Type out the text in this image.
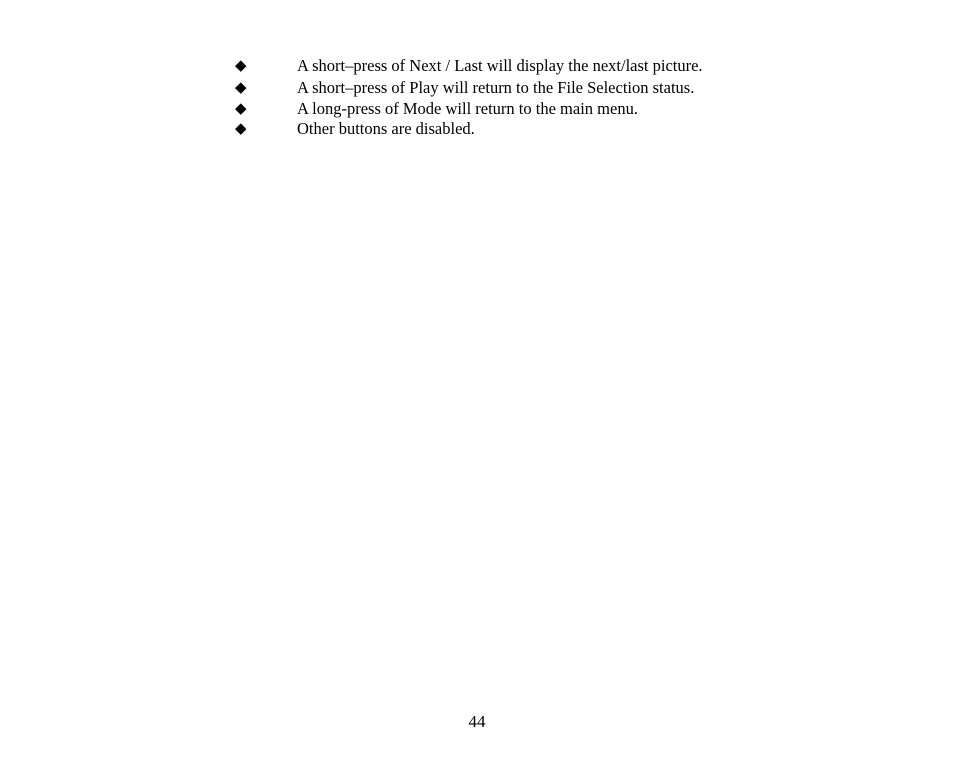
◆	A short–press of Next / Last will display the next/last picture.

◆	A short–press of Play will return to the File Selection status.

◆	A long-press of Mode will return to the main menu.

◆	Other buttons are disabled.

44
